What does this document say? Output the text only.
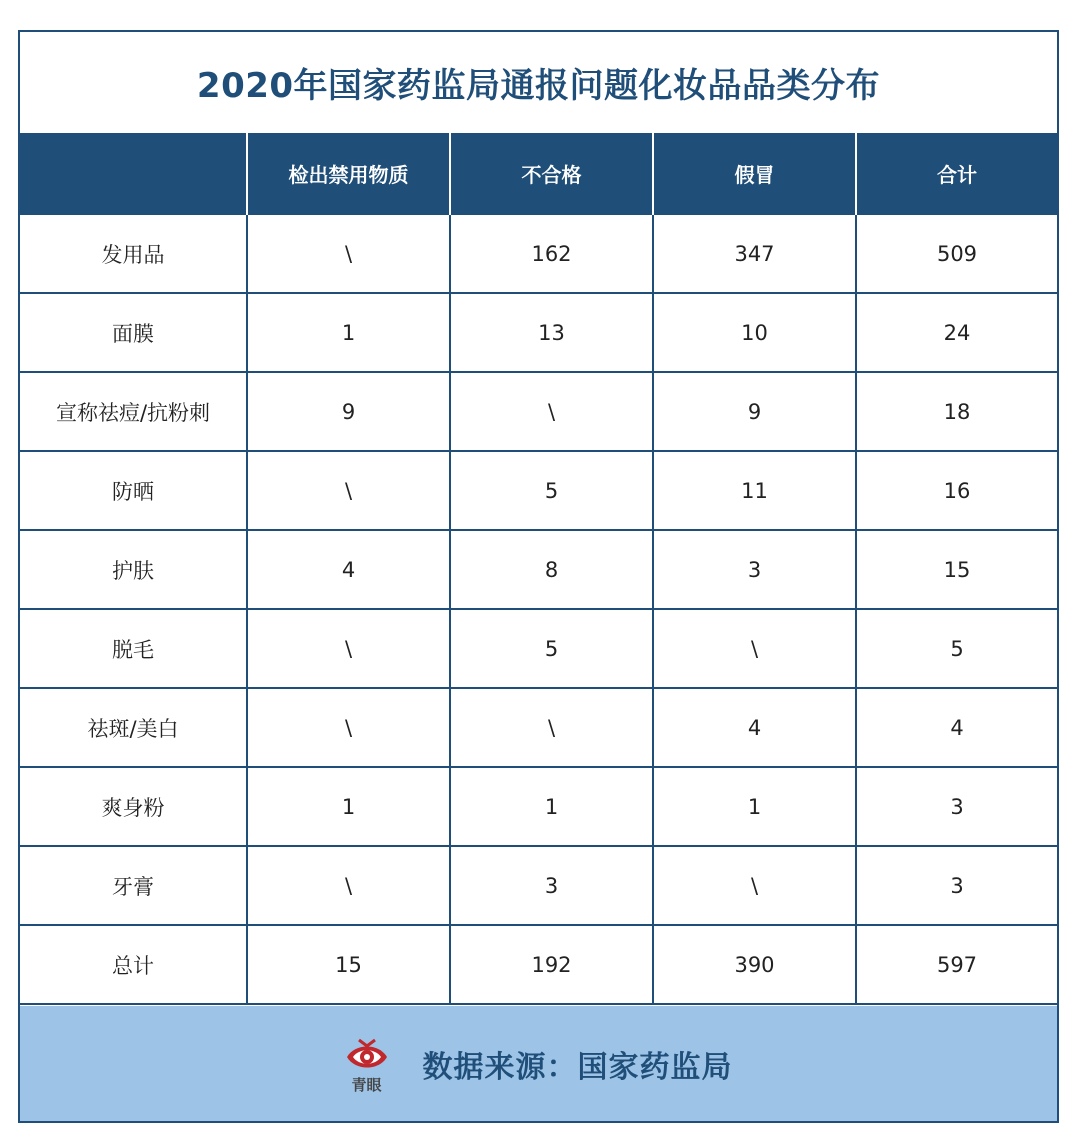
2020年国家药监局通报问题化妆品品类分布
	检出禁用物质	不合格	假冒	合计
发用品	\	162	347	509
面膜	1	13	10	24
宣称祛痘/抗粉刺	9	\	9	18
防晒	\	5	11	16
护肤	4	8	3	15
脱毛	\	5	\	5
祛斑/美白	\	\	4	4
爽身粉	1	1	1	3
牙膏	\	3	\	3
总计	15	192	390	597
青眼
数据来源：国家药监局
